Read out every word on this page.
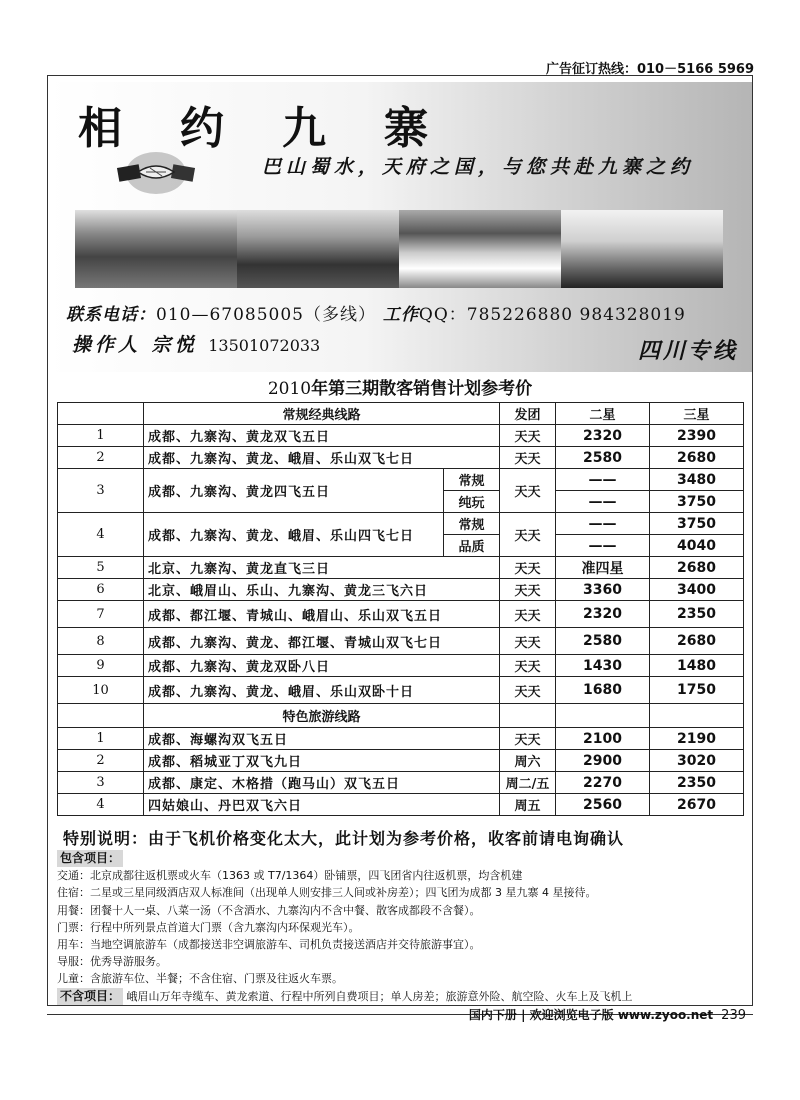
广告征订热线：010－5166 5969
相约九寨
巴山蜀水，天府之国，与您共赴九寨之约
联系电话：010—67085005（多线） 工作QQ：785226880 984328019
操作人 宗悦 13501072033	四川专线
2010年第三期散客销售计划参考价
	常规经典线路		发团	二星	三星
1	成都、九寨沟、黄龙双飞五日		天天	2320	2390
2	成都、九寨沟、黄龙、峨眉、乐山双飞七日		天天	2580	2680
3	成都、九寨沟、黄龙四飞五日	常规	天天	——	3480
		纯玩		——	3750
4	成都、九寨沟、黄龙、峨眉、乐山四飞七日	常规	天天	——	3750
		品质		——	4040
5	北京、九寨沟、黄龙直飞三日		天天	准四星	2680
6	北京、峨眉山、乐山、九寨沟、黄龙三飞六日		天天	3360	3400
7	成都、都江堰、青城山、峨眉山、乐山双飞五日		天天	2320	2350
8	成都、九寨沟、黄龙、都江堰、青城山双飞七日		天天	2580	2680
9	成都、九寨沟、黄龙双卧八日		天天	1430	1480
10	成都、九寨沟、黄龙、峨眉、乐山双卧十日		天天	1680	1750
	特色旅游线路				
1	成都、海螺沟双飞五日		天天	2100	2190
2	成都、稻城亚丁双飞九日		周六	2900	3020
3	成都、康定、木格措（跑马山）双飞五日		周二/五	2270	2350
4	四姑娘山、丹巴双飞六日		周五	2560	2670
特别说明：由于飞机价格变化太大，此计划为参考价格，收客前请电询确认
包含项目：
交通：北京成都往返机票或火车（1363 或 T7/1364）卧铺票，四飞团省内往返机票，均含机建
住宿：二星或三星同级酒店双人标准间（出现单人则安排三人间或补房差）；四飞团为成都 3 星九寨 4 星接待。
用餐：团餐十人一桌、八菜一汤（不含酒水、九寨沟内不含中餐、散客成都段不含餐）。
门票：行程中所列景点首道大门票（含九寨沟内环保观光车）。
用车：当地空调旅游车（成都接送非空调旅游车、司机负责接送酒店并交待旅游事宜）。
导服：优秀导游服务。
儿童：含旅游车位、半餐；不含住宿、门票及往返火车票。
不含项目： 峨眉山万年寺缆车、黄龙索道、行程中所列自费项目；单人房差；旅游意外险、航空险、火车上及飞机上
国内下册 | 欢迎浏览电子版 www.zyoo.net 239
